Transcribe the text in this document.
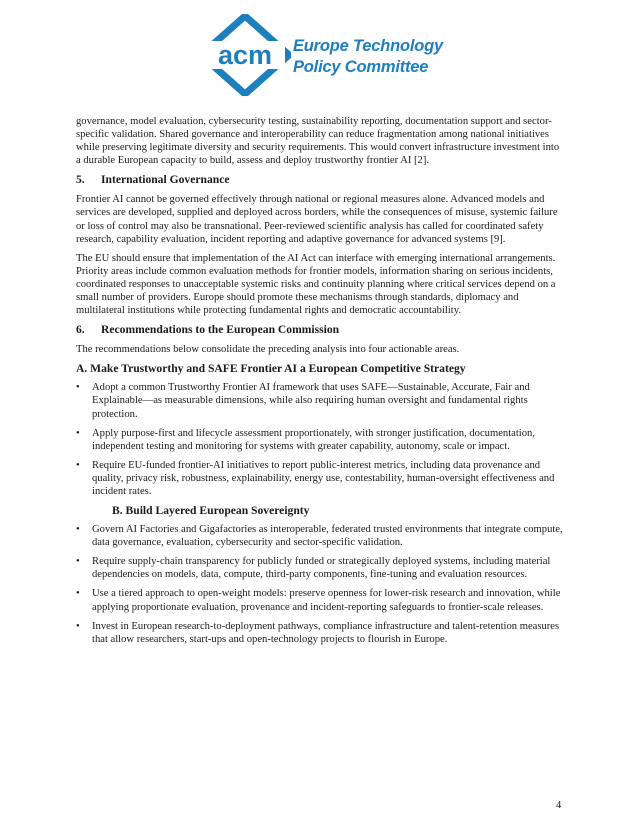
acm Europe Technology
Policy Committee

governance, model evaluation, cybersecurity testing, sustainability reporting, documentation support and sector-specific validation. Shared governance and interoperability can reduce fragmentation among national initiatives while preserving legitimate diversity and security requirements. This would convert infrastructure investment into a durable European capacity to build, assess and deploy trustworthy frontier AI [2].

5. International Governance

Frontier AI cannot be governed effectively through national or regional measures alone. Advanced models and services are developed, supplied and deployed across borders, while the consequences of misuse, systemic failure or loss of control may also be transnational. Peer-reviewed scientific analysis has called for coordinated safety research, capability evaluation, incident reporting and adaptive governance for advanced systems [9].

The EU should ensure that implementation of the AI Act can interface with emerging international arrangements. Priority areas include common evaluation methods for frontier models, information sharing on serious incidents, coordinated responses to unacceptable systemic risks and continuity planning where critical services depend on a small number of providers. Europe should promote these mechanisms through standards, diplomacy and multilateral institutions while protecting fundamental rights and democratic accountability.

6. Recommendations to the European Commission

The recommendations below consolidate the preceding analysis into four actionable areas.

A. Make Trustworthy and SAFE Frontier AI a European Competitive Strategy
• Adopt a common Trustworthy Frontier AI framework that uses SAFE—Sustainable, Accurate, Fair and Explainable—as measurable dimensions, while also requiring human oversight and fundamental rights protection.
• Apply purpose-first and lifecycle assessment proportionately, with stronger justification, documentation, independent testing and monitoring for systems with greater capability, autonomy, scale or impact.
• Require EU-funded frontier-AI initiatives to report public-interest metrics, including data provenance and quality, privacy risk, robustness, explainability, energy use, contestability, human-oversight effectiveness and incident rates.
B. Build Layered European Sovereignty
• Govern AI Factories and Gigafactories as interoperable, federated trusted environments that integrate compute, data governance, evaluation, cybersecurity and sector-specific validation.
• Require supply-chain transparency for publicly funded or strategically deployed systems, including material dependencies on models, data, compute, third-party components, fine-tuning and evaluation resources.
• Use a tiered approach to open-weight models: preserve openness for lower-risk research and innovation, while applying proportionate evaluation, provenance and incident-reporting safeguards to frontier-scale releases.
• Invest in European research-to-deployment pathways, compliance infrastructure and talent-retention measures that allow researchers, start-ups and open-technology projects to flourish in Europe.
4
